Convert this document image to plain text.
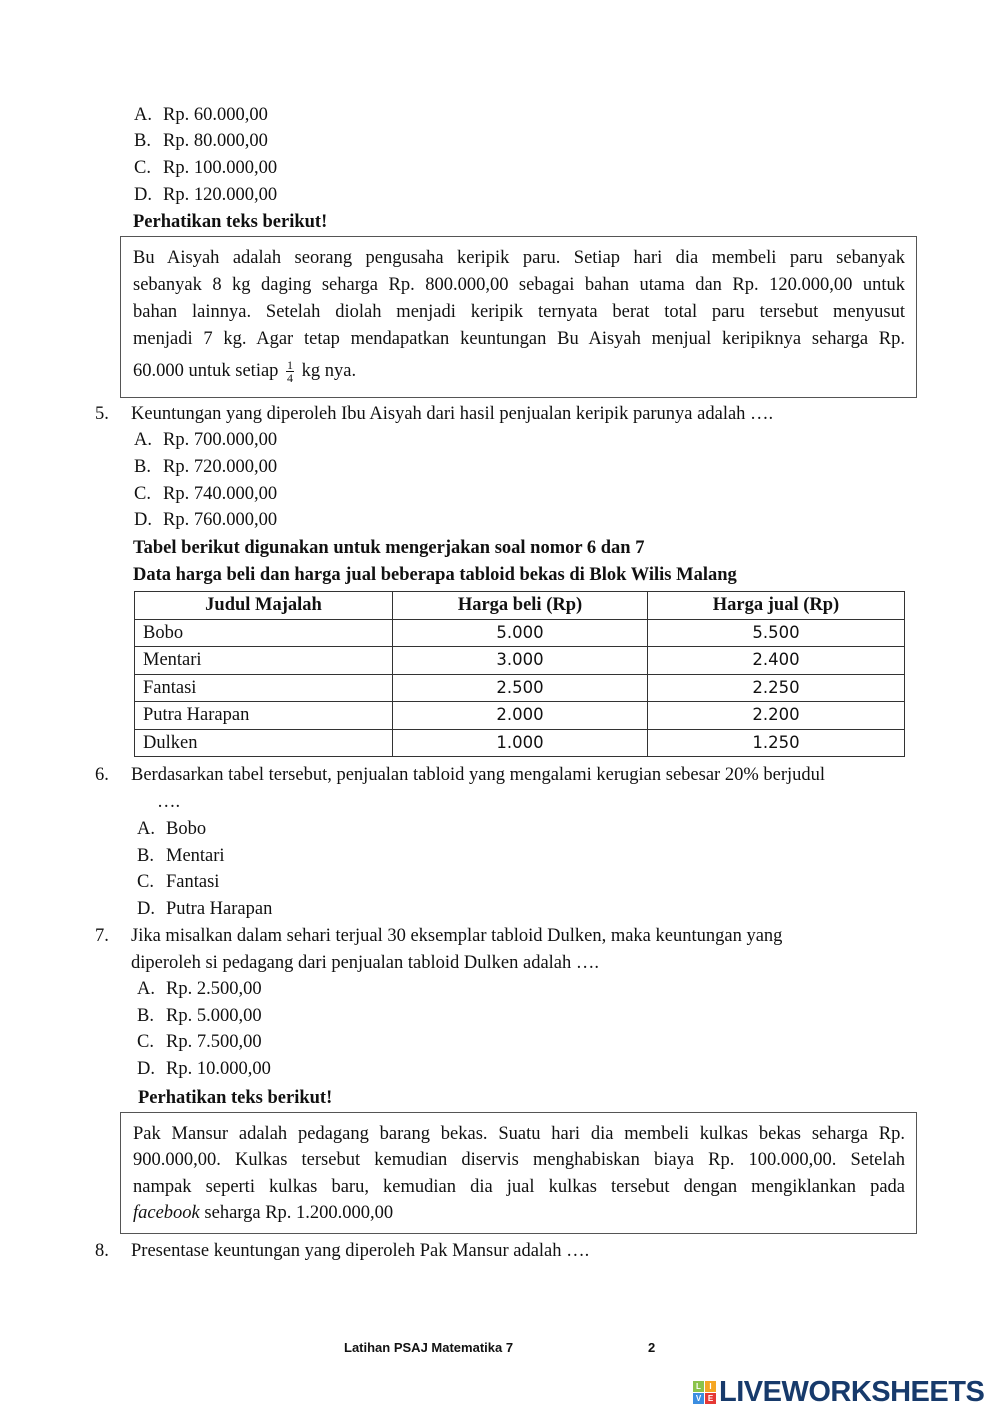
A. Rp. 60.000,00
B. Rp. 80.000,00
C. Rp. 100.000,00
D. Rp. 120.000,00
Perhatikan teks berikut!
Bu Aisyah adalah seorang pengusaha keripik paru. Setiap hari dia membeli paru sebanyak
sebanyak 8 kg daging seharga Rp. 800.000,00 sebagai bahan utama dan Rp. 120.000,00 untuk
bahan lainnya. Setelah diolah menjadi keripik ternyata berat total paru tersebut menyusut
menjadi 7 kg. Agar tetap mendapatkan keuntungan Bu Aisyah menjual keripiknya seharga Rp.
60.000 untuk setiap $\frac{1}{4}$ kg nya.
5. Keuntungan yang diperoleh Ibu Aisyah dari hasil penjualan keripik parunya adalah ….
A. Rp. 700.000,00
B. Rp. 720.000,00
C. Rp. 740.000,00
D. Rp. 760.000,00
Tabel berikut digunakan untuk mengerjakan soal nomor 6 dan 7
Data harga beli dan harga jual beberapa tabloid bekas di Blok Wilis Malang
Judul Majalah	Harga beli (Rp)	Harga jual (Rp)
Bobo	5.000	5.500
Mentari	3.000	2.400
Fantasi	2.500	2.250
Putra Harapan	2.000	2.200
Dulken	1.000	1.250
6. Berdasarkan tabel tersebut, penjualan tabloid yang mengalami kerugian sebesar 20% berjudul
….
A. Bobo
B. Mentari
C. Fantasi
D. Putra Harapan
7. Jika misalkan dalam sehari terjual 30 eksemplar tabloid Dulken, maka keuntungan yang
diperoleh si pedagang dari penjualan tabloid Dulken adalah ….
A. Rp. 2.500,00
B. Rp. 5.000,00
C. Rp. 7.500,00
D. Rp. 10.000,00
Perhatikan teks berikut!
Pak Mansur adalah pedagang barang bekas. Suatu hari dia membeli kulkas bekas seharga Rp.
900.000,00. Kulkas tersebut kemudian diservis menghabiskan biaya Rp. 100.000,00. Setelah
nampak seperti kulkas baru, kemudian dia jual kulkas tersebut dengan mengiklankan pada
facebook seharga Rp. 1.200.000,00
8. Presentase keuntungan yang diperoleh Pak Mansur adalah ….
Latihan PSAJ Matematika 7	2
L	I
V E LIVEWORKSHEETS
